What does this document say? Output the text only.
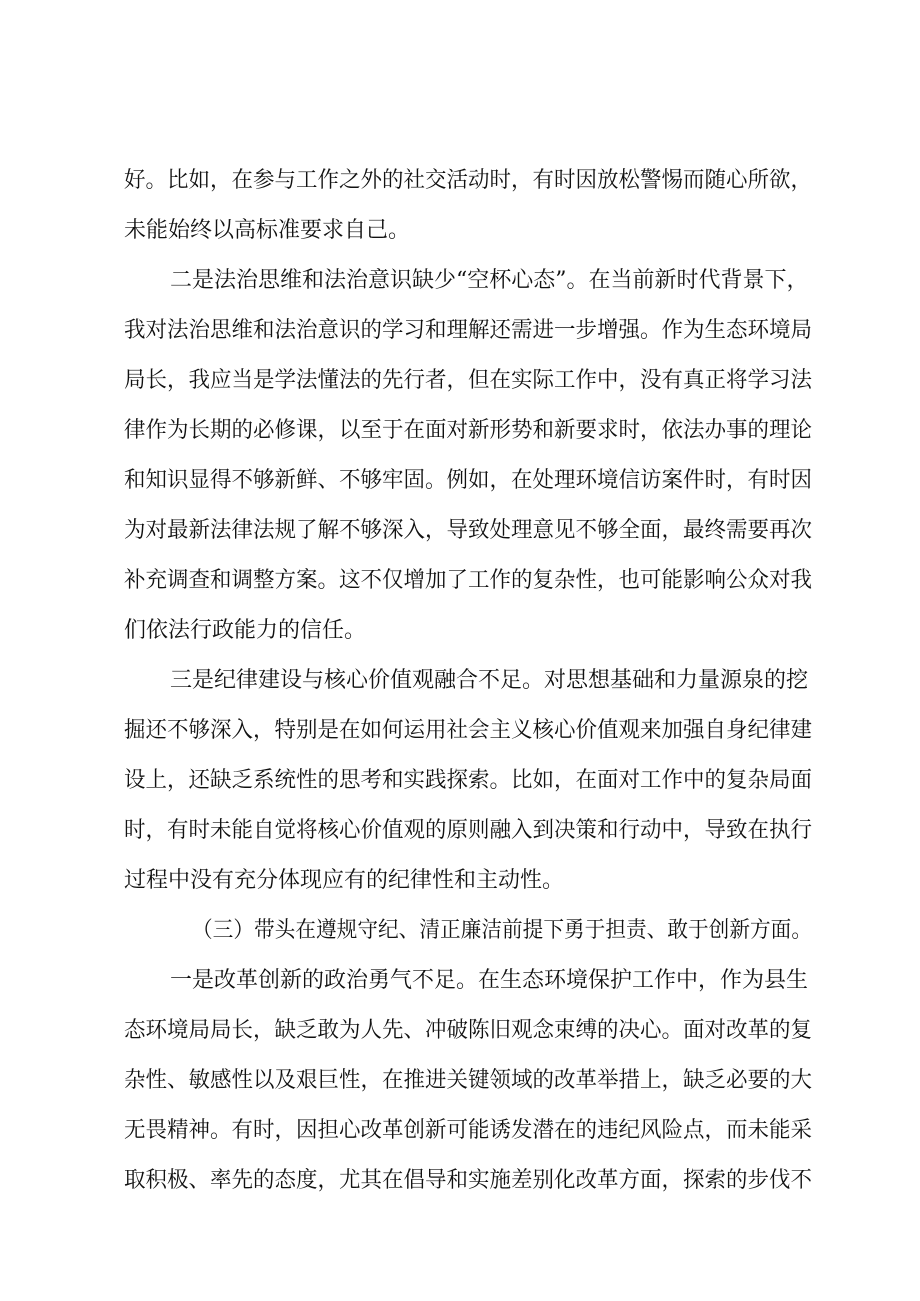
好。比如，在参与工作之外的社交活动时，有时因放松警惕而随心所欲，
未能始终以高标准要求自己。
二是法治思维和法治意识缺少“空杯心态”。在当前新时代背景下，
我对法治思维和法治意识的学习和理解还需进一步增强。作为生态环境局
局长，我应当是学法懂法的先行者，但在实际工作中，没有真正将学习法
律作为长期的必修课，以至于在面对新形势和新要求时，依法办事的理论
和知识显得不够新鲜、不够牢固。例如，在处理环境信访案件时，有时因
为对最新法律法规了解不够深入，导致处理意见不够全面，最终需要再次
补充调查和调整方案。这不仅增加了工作的复杂性，也可能影响公众对我
们依法行政能力的信任。
三是纪律建设与核心价值观融合不足。对思想基础和力量源泉的挖
掘还不够深入，特别是在如何运用社会主义核心价值观来加强自身纪律建
设上，还缺乏系统性的思考和实践探索。比如，在面对工作中的复杂局面
时，有时未能自觉将核心价值观的原则融入到决策和行动中，导致在执行
过程中没有充分体现应有的纪律性和主动性。
（三）带头在遵规守纪、清正廉洁前提下勇于担责、敢于创新方面。
一是改革创新的政治勇气不足。在生态环境保护工作中，作为县生
态环境局局长，缺乏敢为人先、冲破陈旧观念束缚的决心。面对改革的复
杂性、敏感性以及艰巨性，在推进关键领域的改革举措上，缺乏必要的大
无畏精神。有时，因担心改革创新可能诱发潜在的违纪风险点，而未能采
取积极、率先的态度，尤其在倡导和实施差别化改革方面，探索的步伐不
